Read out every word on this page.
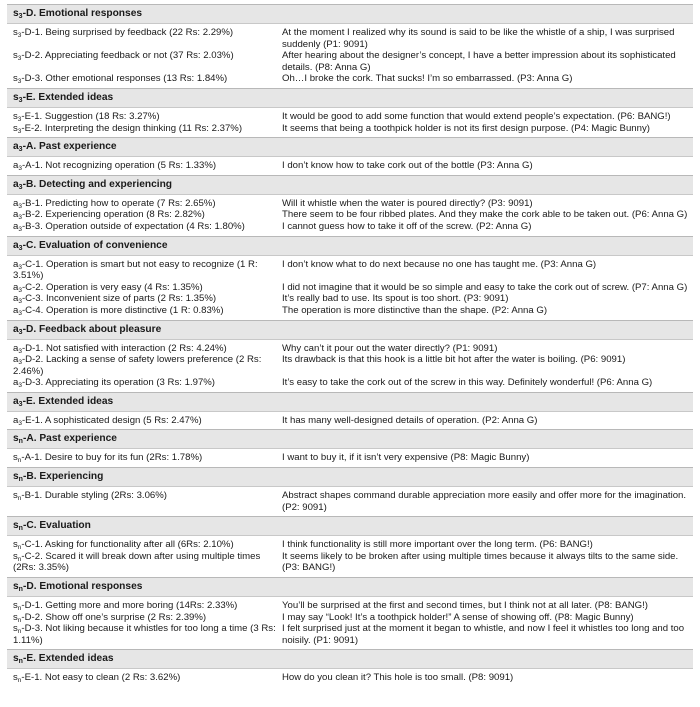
$s_3-D$. Emotional responses
$s_3-D-1$. Being surprised by feedback (22 Rs: 2.29%)	At the moment I realized why its sound is said to be like the whistle of a ship, I was surprised suddenly (P1: 9091)
$s_3-D-2$. Appreciating feedback or not (37 Rs: 2.03%)	After hearing about the designer’s concept, I have a better impression about its sophisticated details. (P8: Anna G)
$s_3-D-3$. Other emotional responses (13 Rs: 1.84%)	Oh…I broke the cork. That sucks! I’m so embarrassed. (P3: Anna G)
$s_3-E$. Extended ideas
$s_3-E-1$. Suggestion (18 Rs: 3.27%)	It would be good to add some function that would extend people’s expectation. (P6: BANG!)
$s_3-E-2$. Interpreting the design thinking (11 Rs: 2.37%)	It seems that being a toothpick holder is not its first design purpose. (P4: Magic Bunny)
$a_3-A$. Past experience
$a_3-A-1$. Not recognizing operation (5 Rs: 1.33%)	I don’t know how to take cork out of the bottle (P3: Anna G)
$a_3-B$. Detecting and experiencing
$a_3-B-1$. Predicting how to operate (7 Rs: 2.65%)	Will it whistle when the water is poured directly? (P3: 9091)
$a_3-B-2$. Experiencing operation (8 Rs: 2.82%)	There seem to be four ribbed plates. And they make the cork able to be taken out. (P6: Anna G)
$a_3-B-3$. Operation outside of expectation (4 Rs: 1.80%)	I cannot guess how to take it off of the screw. (P2: Anna G)
$a_3-C$. Evaluation of convenience
$a_3-C-1$. Operation is smart but not easy to recognize (1 R: 3.51%)
I don’t know what to do next because no one has taught me. (P3: Anna G)
$a_3-C-2$. Operation is very easy (4 Rs: 1.35%)	I did not imagine that it would be so simple and easy to take the cork out of screw. (P7: Anna G)
$a_3-C-3$. Inconvenient size of parts (2 Rs: 1.35%)	It’s really bad to use. Its spout is too short. (P3: 9091)
$a_3-C-4$. Operation is more distinctive (1 R: 0.83%)	The operation is more distinctive than the shape. (P2: Anna G)
$a_3-D$. Feedback about pleasure
$a_3-D-1$. Not satisfied with interaction (2 Rs: 4.24%)	Why can’t it pour out the water directly? (P1: 9091)
$a_3-D-2$. Lacking a sense of safety lowers preference (2 Rs: 2.46%)
Its drawback is that this hook is a little bit hot after the water is boiling. (P6: 9091)
$a_3-D-3$. Appreciating its operation (3 Rs: 1.97%)	It’s easy to take the cork out of the screw in this way. Definitely wonderful! (P6: Anna G)
$a_3-E$. Extended ideas
$a_3-E-1$. A sophisticated design (5 Rs: 2.47%)	It has many well-designed details of operation. (P2: Anna G)
$s_n-A$. Past experience
$s_n-A-1$. Desire to buy for its fun (2Rs: 1.78%)	I want to buy it, if it isn’t very expensive (P8: Magic Bunny)
$s_n-B$. Experiencing
$s_n-B-1$. Durable styling (2Rs: 3.06%)	Abstract shapes command durable appreciation more easily and offer more for the imagination. (P2: 9091)
$s_n-C$. Evaluation
$s_n-C-1$. Asking for functionality after all (6Rs: 2.10%)	I think functionality is still more important over the long term. (P6: BANG!)
$s_n-C-2$. Scared it will break down after using multiple times (2Rs: 3.35%)
It seems likely to be broken after using multiple times because it always tilts to the same side. (P3: BANG!)
$s_n-D$. Emotional responses
$s_n-D-1$. Getting more and more boring (14Rs: 2.33%)	You’ll be surprised at the first and second times, but I think not at all later. (P8: BANG!)
$s_n-D-2$. Show off one’s surprise (2 Rs: 2.39%)	I may say “Look! It’s a toothpick holder!” A sense of showing off. (P8: Magic Bunny)
$s_n-D-3$. Not liking because it whistles for too long a time (3 Rs: 1.11%)
I felt surprised just at the moment it began to whistle, and now I feel it whistles too long and too noisily. (P1: 9091)
$s_n-E$. Extended ideas
$s_n-E-1$. Not easy to clean (2 Rs: 3.62%)	How do you clean it? This hole is too small. (P8: 9091)
